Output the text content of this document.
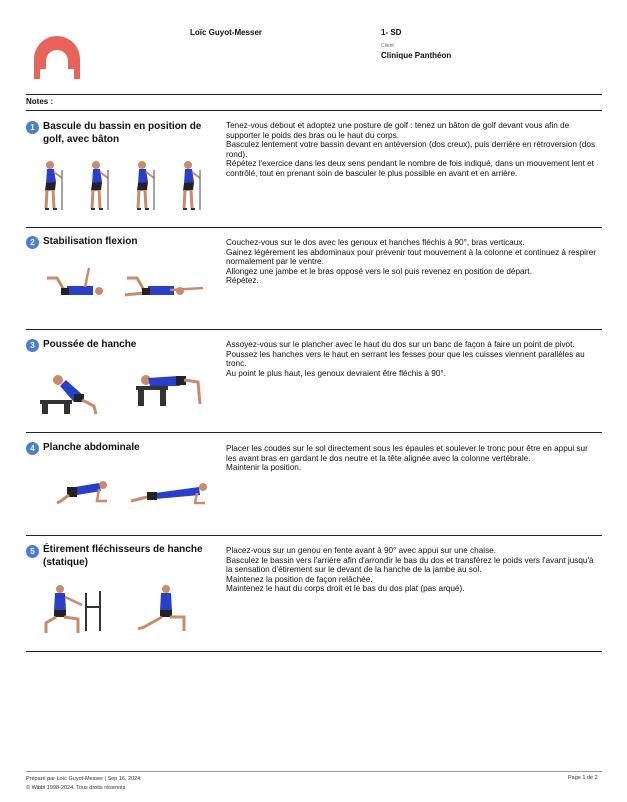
Loïc Guyot-Messer	1- SD
Client
Clinique Panthéon
Notes :
1 Bascule du bassin en position de golf, avec bâton
Tenez-vous debout et adoptez une posture de golf : tenez un bâton de golf devant vous afin de supporter le poids des bras ou le haut du corps.
Basculez lentement votre bassin devant en antéversion (dos creux), puis derrière en rétroversion (dos rond).
Répétez l'exercice dans les deux sens pendant le nombre de fois indiqué, dans un mouvement lent et contrôlé, tout en prenant soin de basculer le plus possible en avant et en arrière.
2 Stabilisation flexion	Couchez-vous sur le dos avec les genoux et hanches fléchis à 90°, bras verticaux.
Gainez légèrement les abdominaux pour prévenir tout mouvement à la colonne et continuez à respirer normalement par le ventre.
Allongez une jambe et le bras opposé vers le sol puis revenez en position de départ.
Répétez.
3 Poussée de hanche	Assoyez-vous sur le plancher avec le haut du dos sur un banc de façon à faire un point de pivot.
Poussez les hanches vers le haut en serrant les fesses pour que les cuisses viennent parallèles au tronc.
Au point le plus haut, les genoux devraient être fléchis à 90°.
4 Planche abdominale	Placer les coudes sur le sol directement sous les épaules et soulever le tronc pour être en appui sur les avant bras en gardant le dos neutre et la tête alignée avec la colonne vertébrale.
Maintenir la position.
5 Étirement fléchisseurs de hanche (statique)
Placez-vous sur un genou en fente avant à 90° avec appui sur une chaise.
Basculez le bassin vers l'arrière afin d'arrondir le bas du dos et transférez le poids vers l'avant jusqu'à la sensation d'étirement sur le devant de la hanche de la jambe au sol.
Maintenez la position de façon relâchée.
Maintenez le haut du corps droit et le bas du dos plat (pas arqué).
Préparé par Loïc Guyot-Messer | Sep 16, 2024
© Wibbi 1998-2024. Tous droits réservés
Page 1 de 2
